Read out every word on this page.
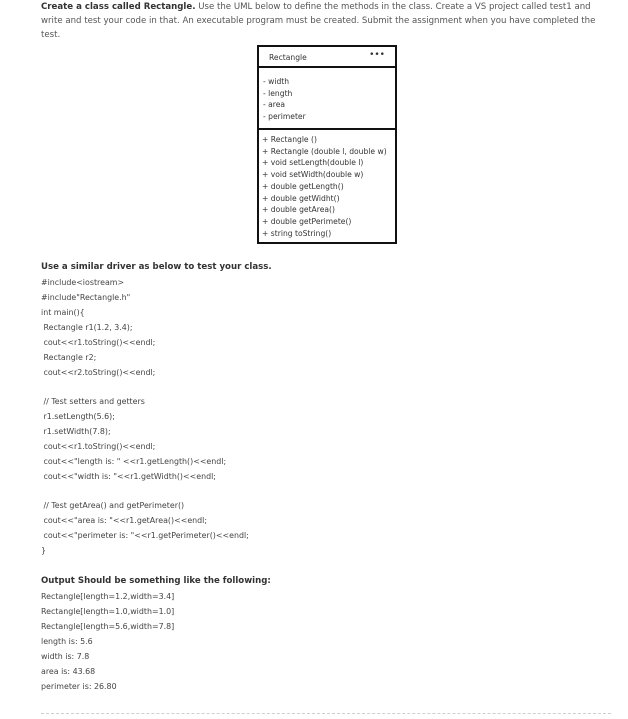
Create a class called Rectangle. Use the UML below to define the methods in the class. Create a VS project called test1 and write and test your code in that. An executable program must be created. Submit the assignment when you have completed the test.
Rectangle	•••
- width
- length
- area
- perimeter
+ Rectangle ()
+ Rectangle (double l, double w)
+ void setLength(double l)
+ void setWidth(double w)
+ double getLength()
+ double getWidht()
+ double getArea()
+ double getPerimete()
+ string toString()
Use a similar driver as below to test your class.
#include<iostream>
#include"Rectangle.h"
int main(){
Rectangle r1(1.2, 3.4);
cout<<r1.toString()<<endl;
Rectangle r2;
cout<<r2.toString()<<endl;
// Test setters and getters
r1.setLength(5.6);
r1.setWidth(7.8);
cout<<r1.toString()<<endl;
cout<<"length is: " <<r1.getLength()<<endl;
cout<<"width is: "<<r1.getWidth()<<endl;
// Test getArea() and getPerimeter()
cout<<"area is: "<<r1.getArea()<<endl;
cout<<"perimeter is: "<<r1.getPerimeter()<<endl;
}
Output Should be something like the following:
Rectangle[length=1.2,width=3.4]
Rectangle[length=1.0,width=1.0]
Rectangle[length=5.6,width=7.8]
length is: 5.6
width is: 7.8
area is: 43.68
perimeter is: 26.80
